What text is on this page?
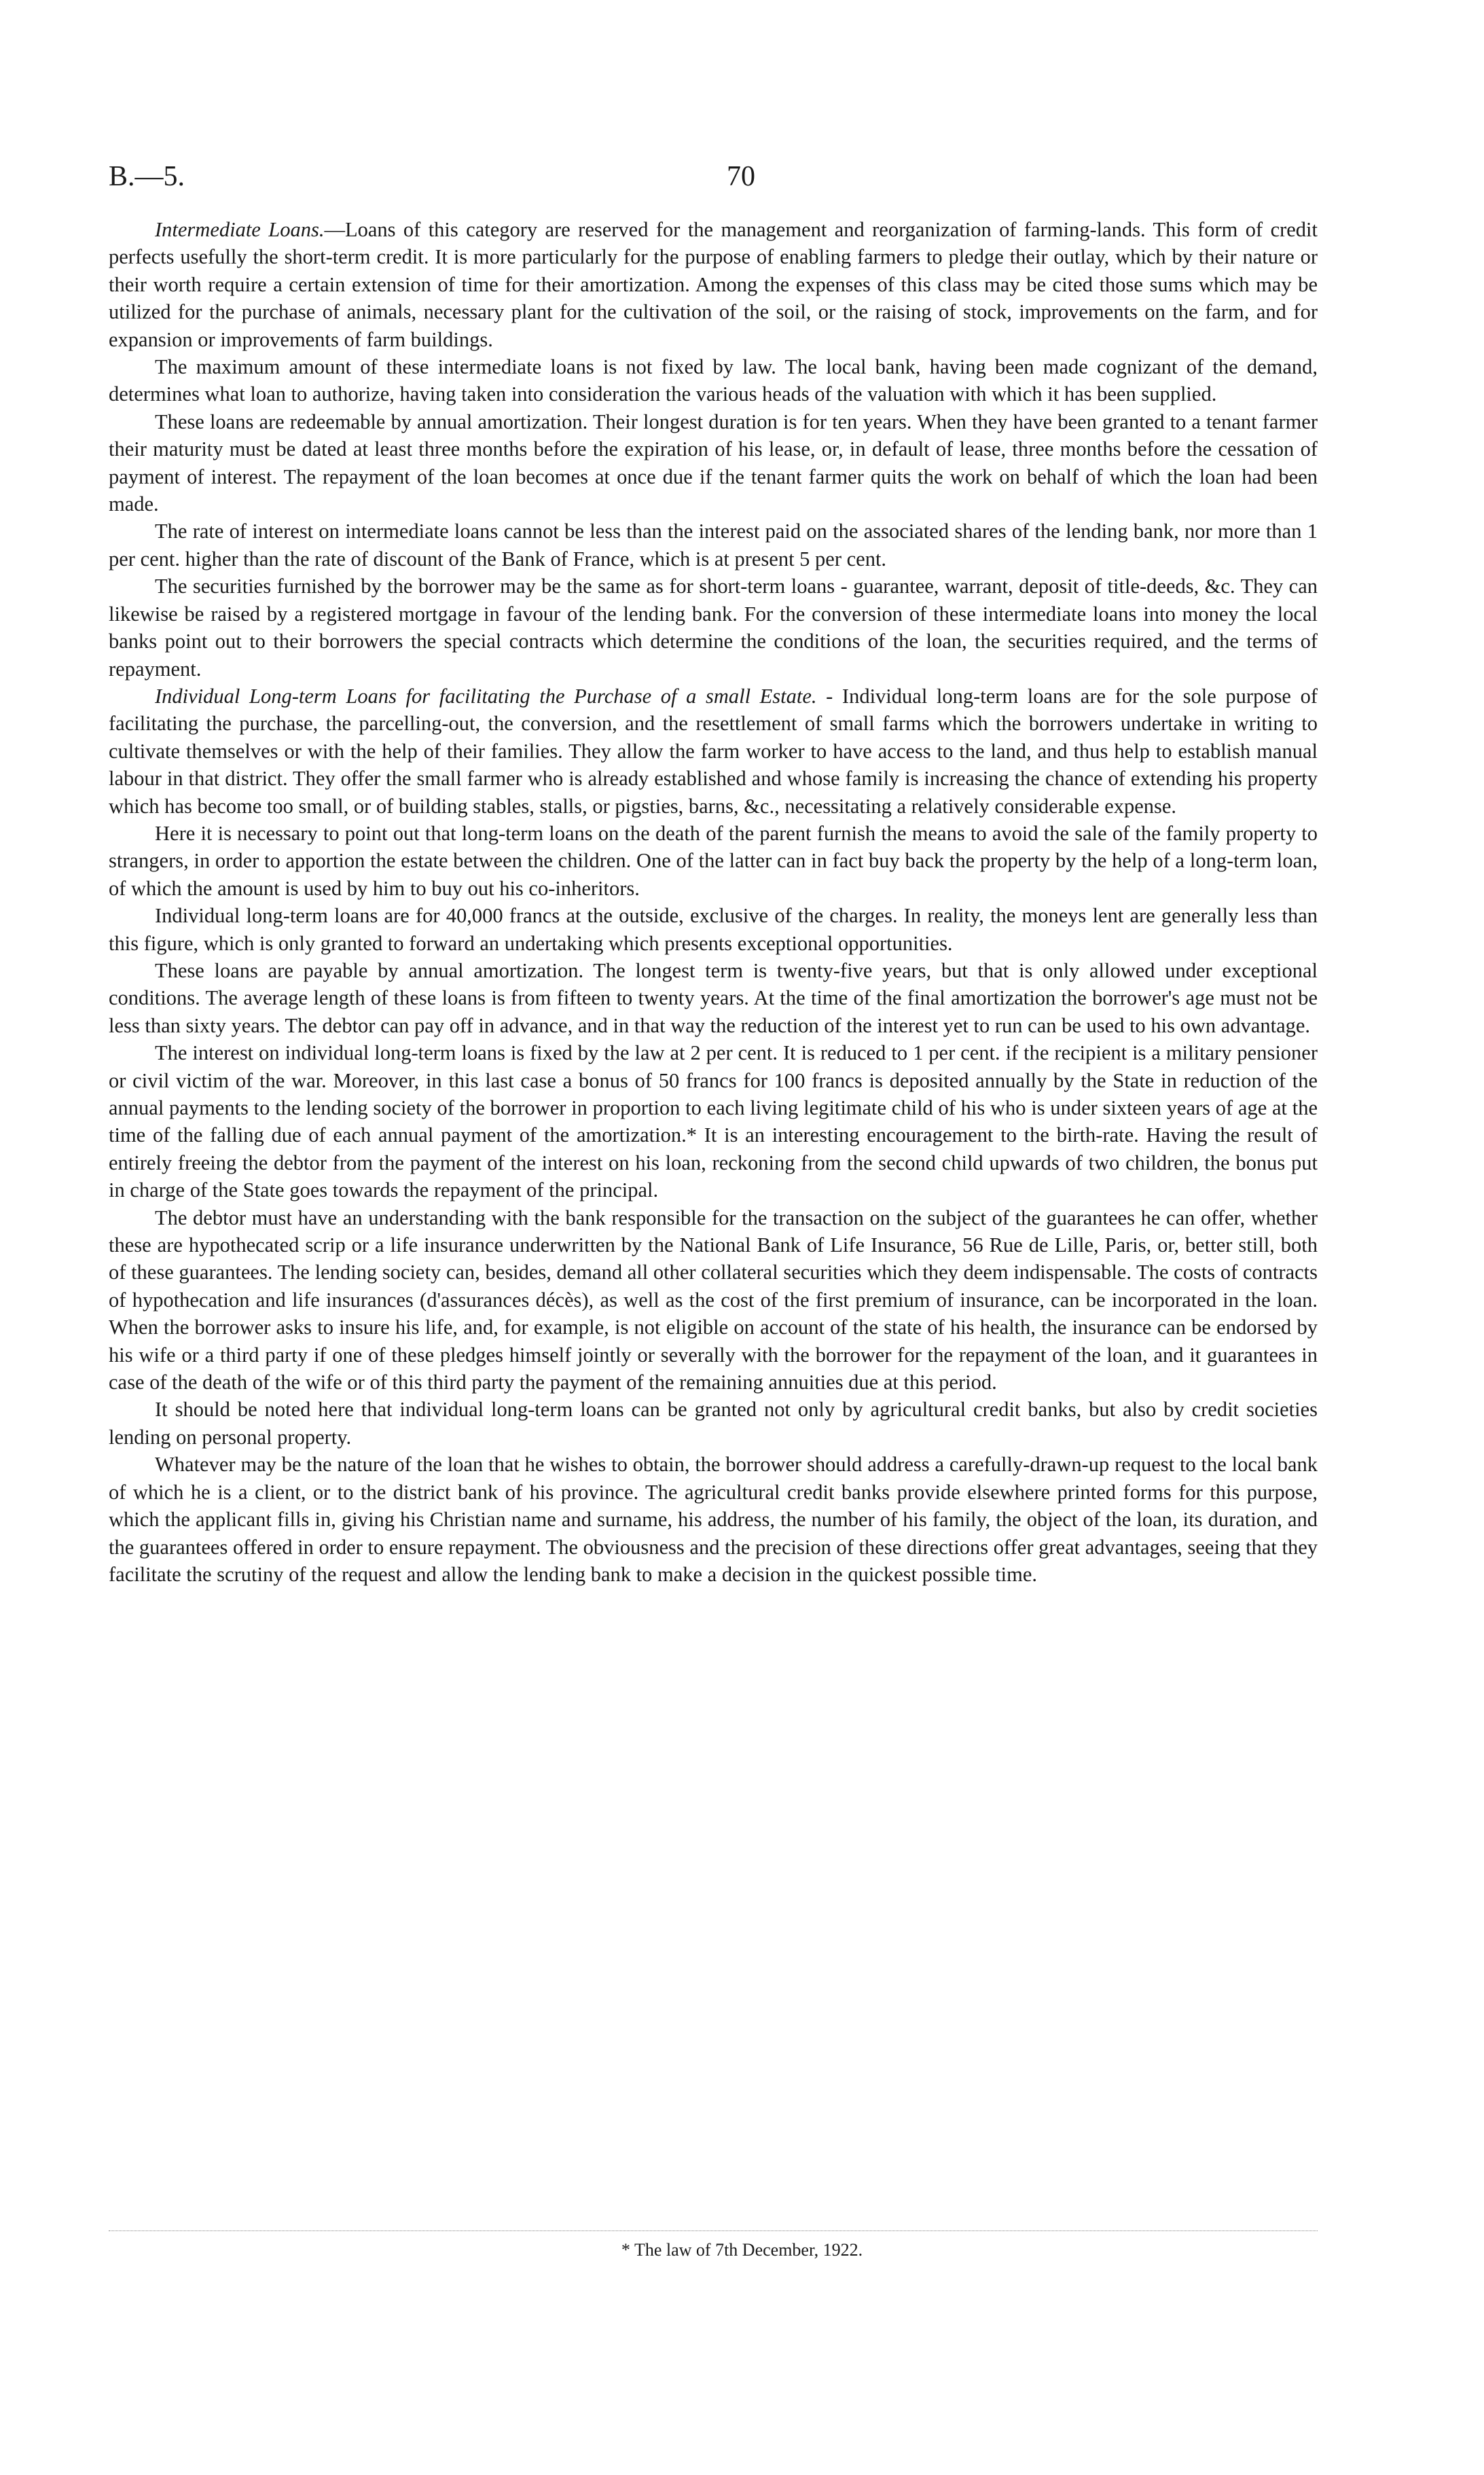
B.—5.	70

Intermediate Loans.—Loans of this category are reserved for the management and reorganization of farming-lands. This form of credit perfects usefully the short-term credit. It is more particularly for the purpose of enabling farmers to pledge their outlay, which by their nature or their worth require a certain extension of time for their amortization. Among the expenses of this class may be cited those sums which may be utilized for the purchase of animals, necessary plant for the cultivation of the soil, or the raising of stock, improvements on the farm, and for expansion or improvements of farm buildings.

The maximum amount of these intermediate loans is not fixed by law. The local bank, having been made cognizant of the demand, determines what loan to authorize, having taken into consideration the various heads of the valuation with which it has been supplied.

These loans are redeemable by annual amortization. Their longest duration is for ten years. When they have been granted to a tenant farmer their maturity must be dated at least three months before the expiration of his lease, or, in default of lease, three months before the cessation of payment of interest. The repayment of the loan becomes at once due if the tenant farmer quits the work on behalf of which the loan had been made.

The rate of interest on intermediate loans cannot be less than the interest paid on the associated shares of the lending bank, nor more than 1 per cent. higher than the rate of discount of the Bank of France, which is at present 5 per cent.

The securities furnished by the borrower may be the same as for short-term loans - guarantee, warrant, deposit of title-deeds, &c. They can likewise be raised by a registered mortgage in favour of the lending bank. For the conversion of these intermediate loans into money the local banks point out to their borrowers the special contracts which determine the conditions of the loan, the securities required, and the terms of repayment.

Individual Long-term Loans for facilitating the Purchase of a small Estate. - Individual long-term loans are for the sole purpose of facilitating the purchase, the parcelling-out, the conversion, and the resettlement of small farms which the borrowers undertake in writing to cultivate themselves or with the help of their families. They allow the farm worker to have access to the land, and thus help to establish manual labour in that district. They offer the small farmer who is already established and whose family is increasing the chance of extending his property which has become too small, or of building stables, stalls, or pigsties, barns, &c., necessitating a relatively considerable expense.

Here it is necessary to point out that long-term loans on the death of the parent furnish the means to avoid the sale of the family property to strangers, in order to apportion the estate between the children. One of the latter can in fact buy back the property by the help of a long-term loan, of which the amount is used by him to buy out his co-inheritors.

Individual long-term loans are for 40,000 francs at the outside, exclusive of the charges. In reality, the moneys lent are generally less than this figure, which is only granted to forward an undertaking which presents exceptional opportunities.

These loans are payable by annual amortization. The longest term is twenty-five years, but that is only allowed under exceptional conditions. The average length of these loans is from fifteen to twenty years. At the time of the final amortization the borrower's age must not be less than sixty years. The debtor can pay off in advance, and in that way the reduction of the interest yet to run can be used to his own advantage.

The interest on individual long-term loans is fixed by the law at 2 per cent. It is reduced to 1 per cent. if the recipient is a military pensioner or civil victim of the war. Moreover, in this last case a bonus of 50 francs for 100 francs is deposited annually by the State in reduction of the annual payments to the lending society of the borrower in proportion to each living legitimate child of his who is under sixteen years of age at the time of the falling due of each annual payment of the amortization.* It is an interesting encouragement to the birth-rate. Having the result of entirely freeing the debtor from the payment of the interest on his loan, reckoning from the second child upwards of two children, the bonus put in charge of the State goes towards the repayment of the principal.

The debtor must have an understanding with the bank responsible for the transaction on the subject of the guarantees he can offer, whether these are hypothecated scrip or a life insurance underwritten by the National Bank of Life Insurance, 56 Rue de Lille, Paris, or, better still, both of these guarantees. The lending society can, besides, demand all other collateral securities which they deem indispensable. The costs of contracts of hypothecation and life insurances (d'assurances décès), as well as the cost of the first premium of insurance, can be incorporated in the loan. When the borrower asks to insure his life, and, for example, is not eligible on account of the state of his health, the insurance can be endorsed by his wife or a third party if one of these pledges himself jointly or severally with the borrower for the repayment of the loan, and it guarantees in case of the death of the wife or of this third party the payment of the remaining annuities due at this period.

It should be noted here that individual long-term loans can be granted not only by agricultural credit banks, but also by credit societies lending on personal property.

Whatever may be the nature of the loan that he wishes to obtain, the borrower should address a carefully-drawn-up request to the local bank of which he is a client, or to the district bank of his province. The agricultural credit banks provide elsewhere printed forms for this purpose, which the applicant fills in, giving his Christian name and surname, his address, the number of his family, the object of the loan, its duration, and the guarantees offered in order to ensure repayment. The obviousness and the precision of these directions offer great advantages, seeing that they facilitate the scrutiny of the request and allow the lending bank to make a decision in the quickest possible time.

* The law of 7th December, 1922.
